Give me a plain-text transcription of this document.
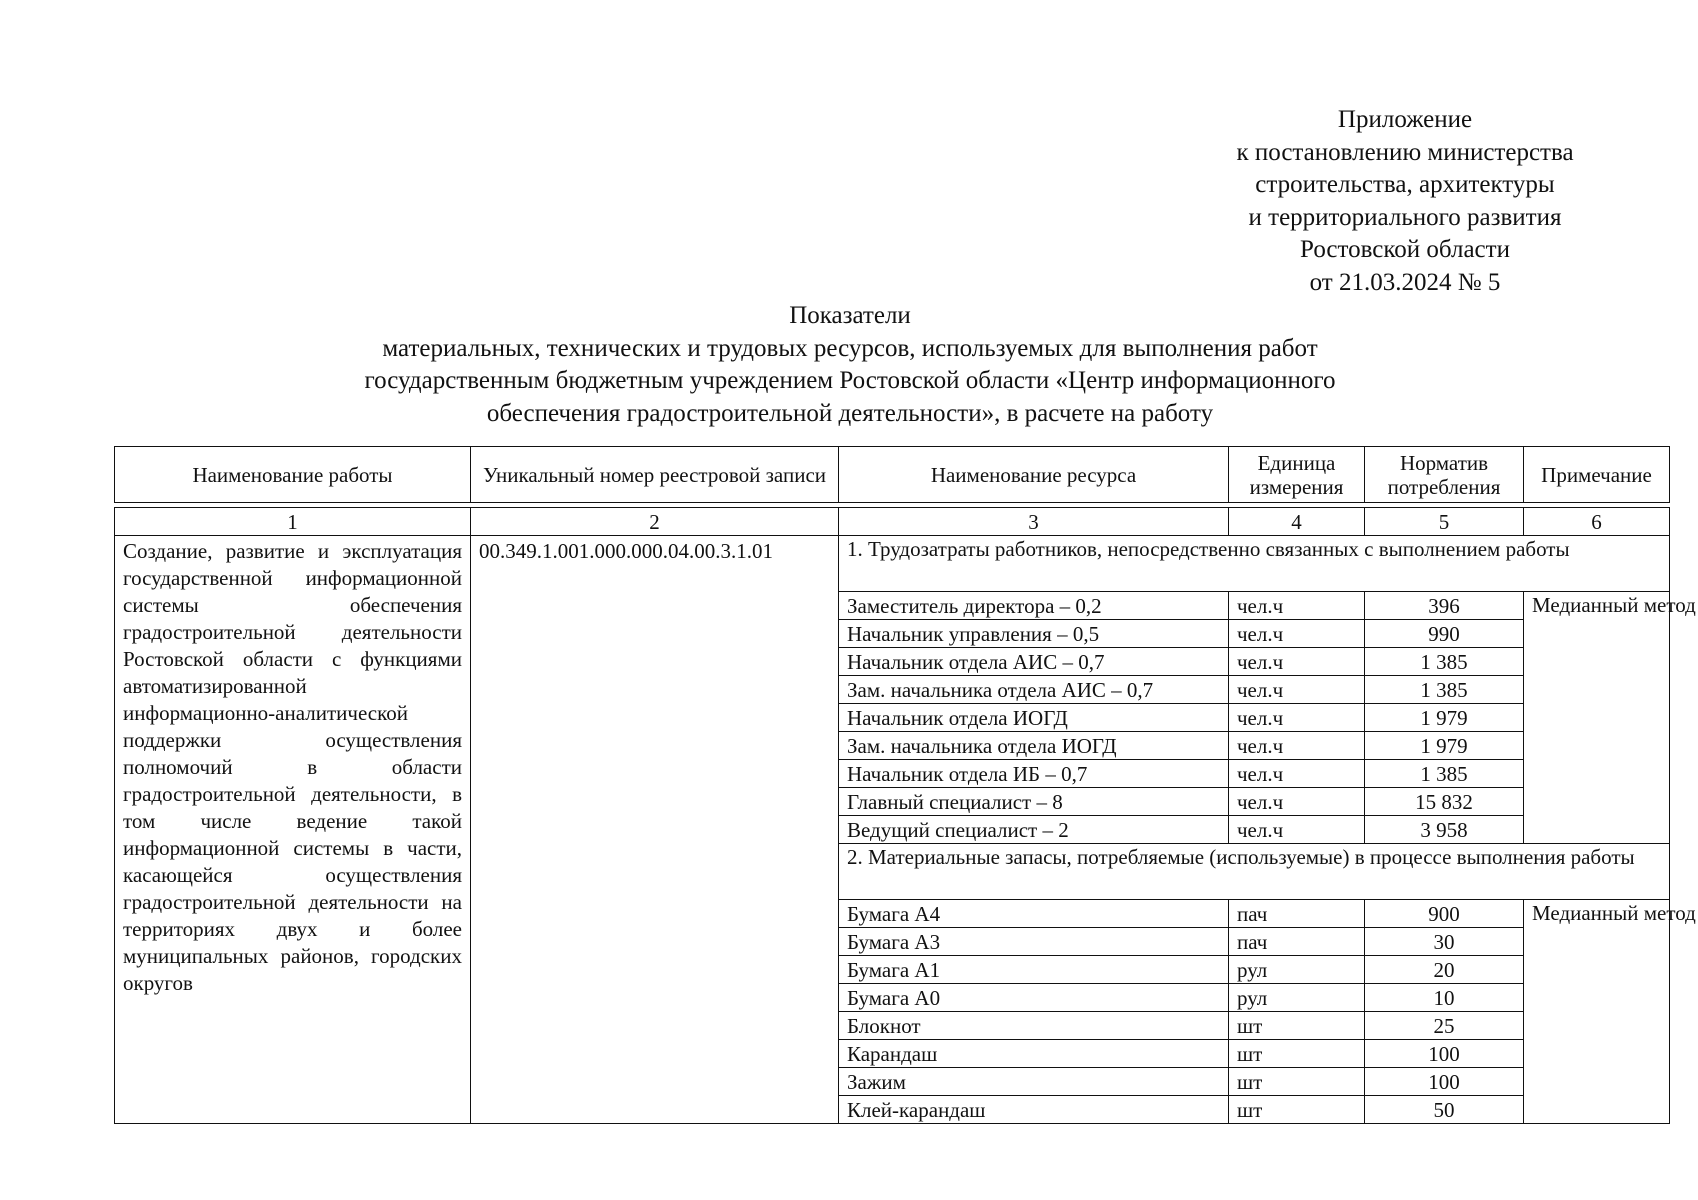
Приложение
к постановлению министерства
строительства, архитектуры
и территориального развития
Ростовской области
от 21.03.2024 № 5
Показатели
материальных, технических и трудовых ресурсов, используемых для выполнения работ
государственным бюджетным учреждением Ростовской области «Центр информационного
обеспечения градостроительной деятельности», в расчете на работу
Наименование работы	Уникальный номер реестровой записи	Наименование ресурса	Единица измерения	Норматив потребления	Примечание
1	2	3	4	5	6
Создание, развитие и эксплуатация государственной информационной системы обеспечения градостроительной деятельности Ростовской области с функциями автоматизированной информационно-аналитической поддержки осуществления полномочий в области градостроительной деятельности, в том числе ведение такой информационной системы в части, касающейся осуществления градостроительной деятельности на территориях двух и более муниципальных районов, городских округов	00.349.1.001.000.000.04.00.3.1.01	1. Трудозатраты работников, непосредственно связанных с выполнением работы			
		Заместитель директора – 0,2	чел.ч	396	Медианный метод
		Начальник управления – 0,5	чел.ч	990	
		Начальник отдела АИС – 0,7	чел.ч	1 385	
		Зам. начальника отдела АИС – 0,7	чел.ч	1 385	
		Начальник отдела ИОГД	чел.ч	1 979	
		Зам. начальника отдела ИОГД	чел.ч	1 979	
		Начальник отдела ИБ – 0,7	чел.ч	1 385	
		Главный специалист – 8	чел.ч	15 832	
		Ведущий специалист – 2	чел.ч	3 958	
		2. Материальные запасы, потребляемые (используемые) в процессе выполнения работы			
		Бумага А4	пач	900	Медианный метод
		Бумага А3	пач	30	
		Бумага А1	рул	20	
		Бумага А0	рул	10	
		Блокнот	шт	25	
		Карандаш	шт	100	
		Зажим	шт	100	
		Клей-карандаш	шт	50	
